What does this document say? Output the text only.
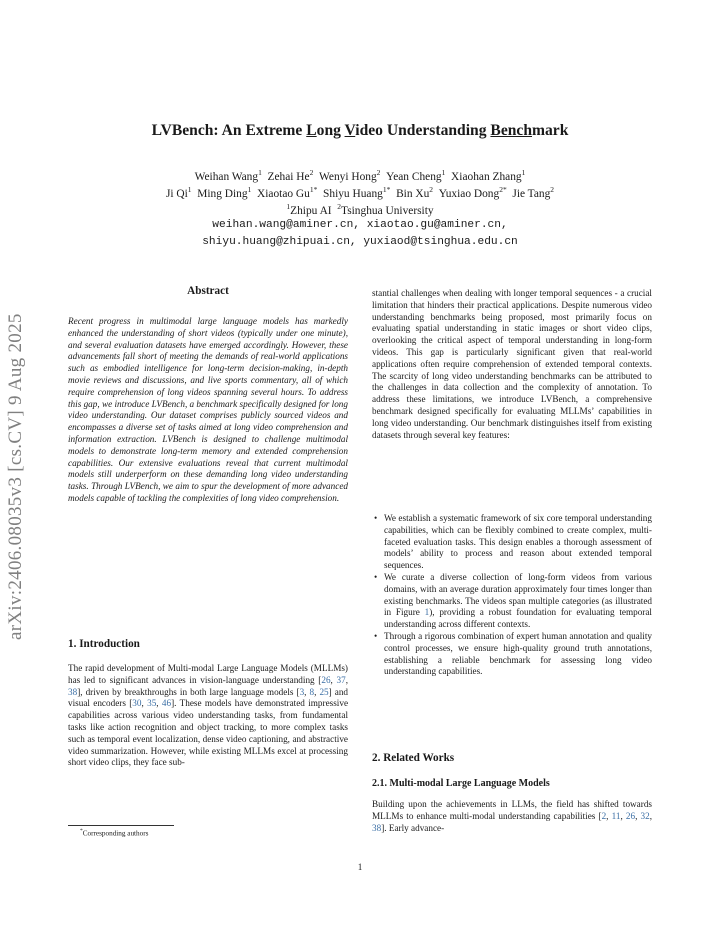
arXiv:2406.08035v3 [cs.CV] 9 Aug 2025
LVBench: An Extreme Long Video Understanding Benchmark
Weihan Wang$^1$  Zehai He$^2$  Wenyi Hong$^2$  Yean Cheng$^1$  Xiaohan Zhang$^1$
Ji Qi$^1$  Ming Ding$^1$  Xiaotao $Gu^{1*}$  Shiyu Huang$^{1*}$  Bin Xu$^2$  Yuxiao Dong$^{2*}$  Jie Tang$^2$
$^1$Zhipu AI $^2$Tsinghua University
weihan.wang@aminer.cn, xiaotao.gu@aminer.cn,
shiyu.huang@zhipuai.cn, yuxiaod@tsinghua.edu.cn
Abstract
Recent progress in multimodal large language models has markedly enhanced the understanding of short videos (typically under one minute), and several evaluation datasets have emerged accordingly. However, these advancements fall short of meeting the demands of real-world applications such as embodied intelligence for long-term decision-making, in-depth movie reviews and discussions, and live sports commentary, all of which require comprehension of long videos spanning several hours. To address this gap, we introduce LVBench, a benchmark specifically designed for long video understanding. Our dataset comprises publicly sourced videos and encompasses a diverse set of tasks aimed at long video comprehension and information extraction. LVBench is designed to challenge multimodal models to demonstrate long-term memory and extended comprehension capabilities. Our extensive evaluations reveal that current multimodal models still underperform on these demanding long video understanding tasks. Through LVBench, we aim to spur the development of more advanced models capable of tackling the complexities of long video comprehension.
1. Introduction
The rapid development of Multi-modal Large Language Models (MLLMs) has led to significant advances in vision-language understanding [26, 37, 38], driven by breakthroughs in both large language models [3, 8, 25] and visual encoders [30, 35, 46]. These models have demonstrated impressive capabilities across various video understanding tasks, from fundamental tasks like action recognition and object tracking, to more complex tasks such as temporal event localization, dense video captioning, and abstractive video summarization. However, while existing MLLMs excel at processing short video clips, they face sub-
*Corresponding authors
stantial challenges when dealing with longer temporal sequences - a crucial limitation that hinders their practical applications. Despite numerous video understanding benchmarks being proposed, most primarily focus on evaluating spatial understanding in static images or short video clips, overlooking the critical aspect of temporal understanding in long-form videos. This gap is particularly significant given that real-world applications often require comprehension of extended temporal contexts. The scarcity of long video understanding benchmarks can be attributed to the challenges in data collection and the complexity of annotation. To address these limitations, we introduce LVBench, a comprehensive benchmark designed specifically for evaluating MLLMs’ capabilities in long video understanding. Our benchmark distinguishes itself from existing datasets through several key features:
• We establish a systematic framework of six core temporal understanding capabilities, which can be flexibly combined to create complex, multi-faceted evaluation tasks. This design enables a thorough assessment of models’ ability to process and reason about extended temporal sequences.
• We curate a diverse collection of long-form videos from various domains, with an average duration approximately four times longer than existing benchmarks. The videos span multiple categories (as illustrated in Figure 1), providing a robust foundation for evaluating temporal understanding across different contexts.
• Through a rigorous combination of expert human annotation and quality control processes, we ensure high-quality ground truth annotations, establishing a reliable benchmark for assessing long video understanding capabilities.
2. Related Works
2.1. Multi-modal Large Language Models
Building upon the achievements in LLMs, the field has shifted towards MLLMs to enhance multi-modal understanding capabilities [2, 11, 26, 32, 38]. Early advance-
1
